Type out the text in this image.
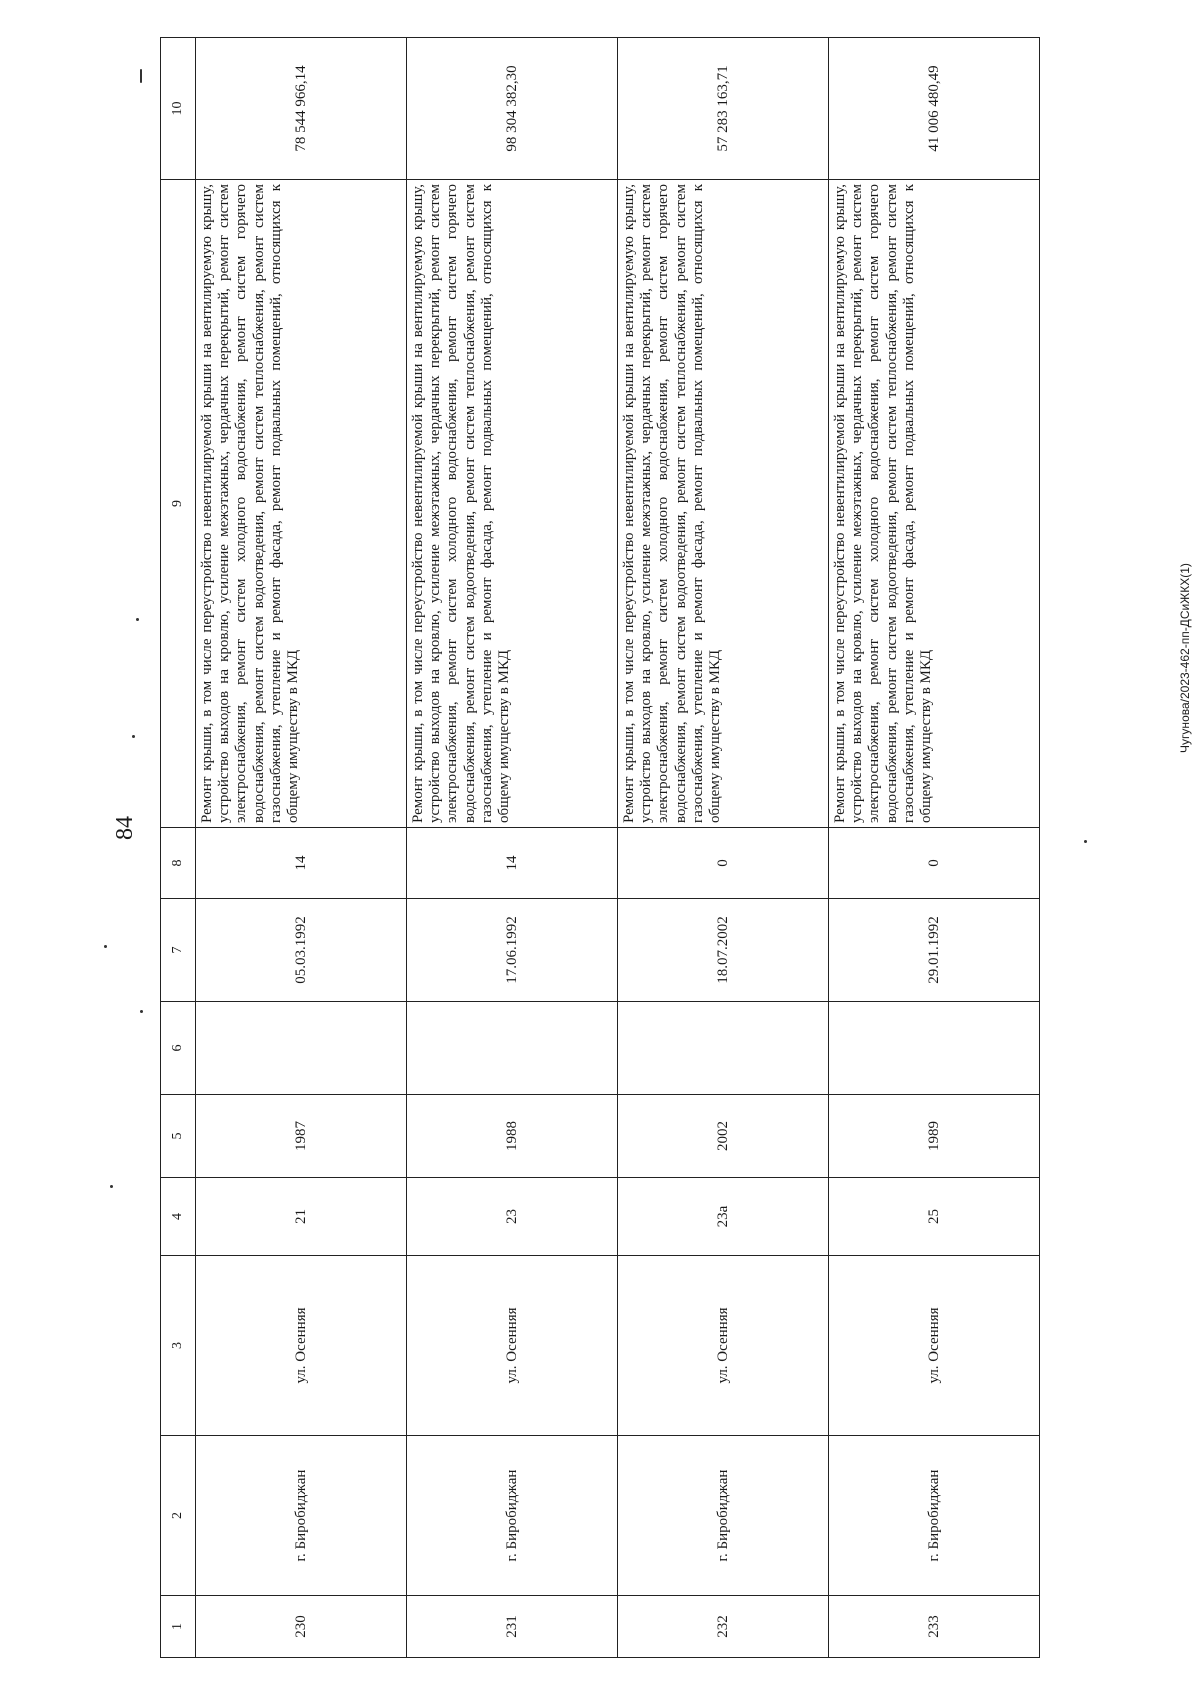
84
1	2	3	4	5	6	7	8	9	10
230	г. Биробиджан	ул. Осенняя	21	1987		05.03.1992	14	Ремонт крыши, в том числе переустройство невентилируемой крыши на вентилируемую крышу, устройство выходов на кровлю, усиление межэтажных, чердачных перекрытий, ремонт систем электроснабжения, ремонт систем холодного водоснабжения, ремонт систем горячего водоснабжения, ремонт систем водоотведения, ремонт систем теплоснабжения, ремонт систем газоснабжения, утепление и ремонт фасада, ремонт подвальных помещений, относящихся к общему имуществу в МКД	78 544 966,14
231	г. Биробиджан	ул. Осенняя	23	1988		17.06.1992	14	Ремонт крыши, в том числе переустройство невентилируемой крыши на вентилируемую крышу, устройство выходов на кровлю, усиление межэтажных, чердачных перекрытий, ремонт систем электроснабжения, ремонт систем холодного водоснабжения, ремонт систем горячего водоснабжения, ремонт систем водоотведения, ремонт систем теплоснабжения, ремонт систем газоснабжения, утепление и ремонт фасада, ремонт подвальных помещений, относящихся к общему имуществу в МКД	98 304 382,30
232	г. Биробиджан	ул. Осенняя	23а	2002		18.07.2002	0	Ремонт крыши, в том числе переустройство невентилируемой крыши на вентилируемую крышу, устройство выходов на кровлю, усиление межэтажных, чердачных перекрытий, ремонт систем электроснабжения, ремонт систем холодного водоснабжения, ремонт систем горячего водоснабжения, ремонт систем водоотведения, ремонт систем теплоснабжения, ремонт систем газоснабжения, утепление и ремонт фасада, ремонт подвальных помещений, относящихся к общему имуществу в МКД	57 283 163,71
233	г. Биробиджан	ул. Осенняя	25	1989		29.01.1992	0	Ремонт крыши, в том числе переустройство невентилируемой крыши на вентилируемую крышу, устройство выходов на кровлю, усиление межэтажных, чердачных перекрытий, ремонт систем электроснабжения, ремонт систем холодного водоснабжения, ремонт систем горячего водоснабжения, ремонт систем водоотведения, ремонт систем теплоснабжения, ремонт систем газоснабжения, утепление и ремонт фасада, ремонт подвальных помещений, относящихся к общему имуществу в МКД	41 006 480,49
Чугунова/2023-462-пп-ДСиЖКХ(1)
